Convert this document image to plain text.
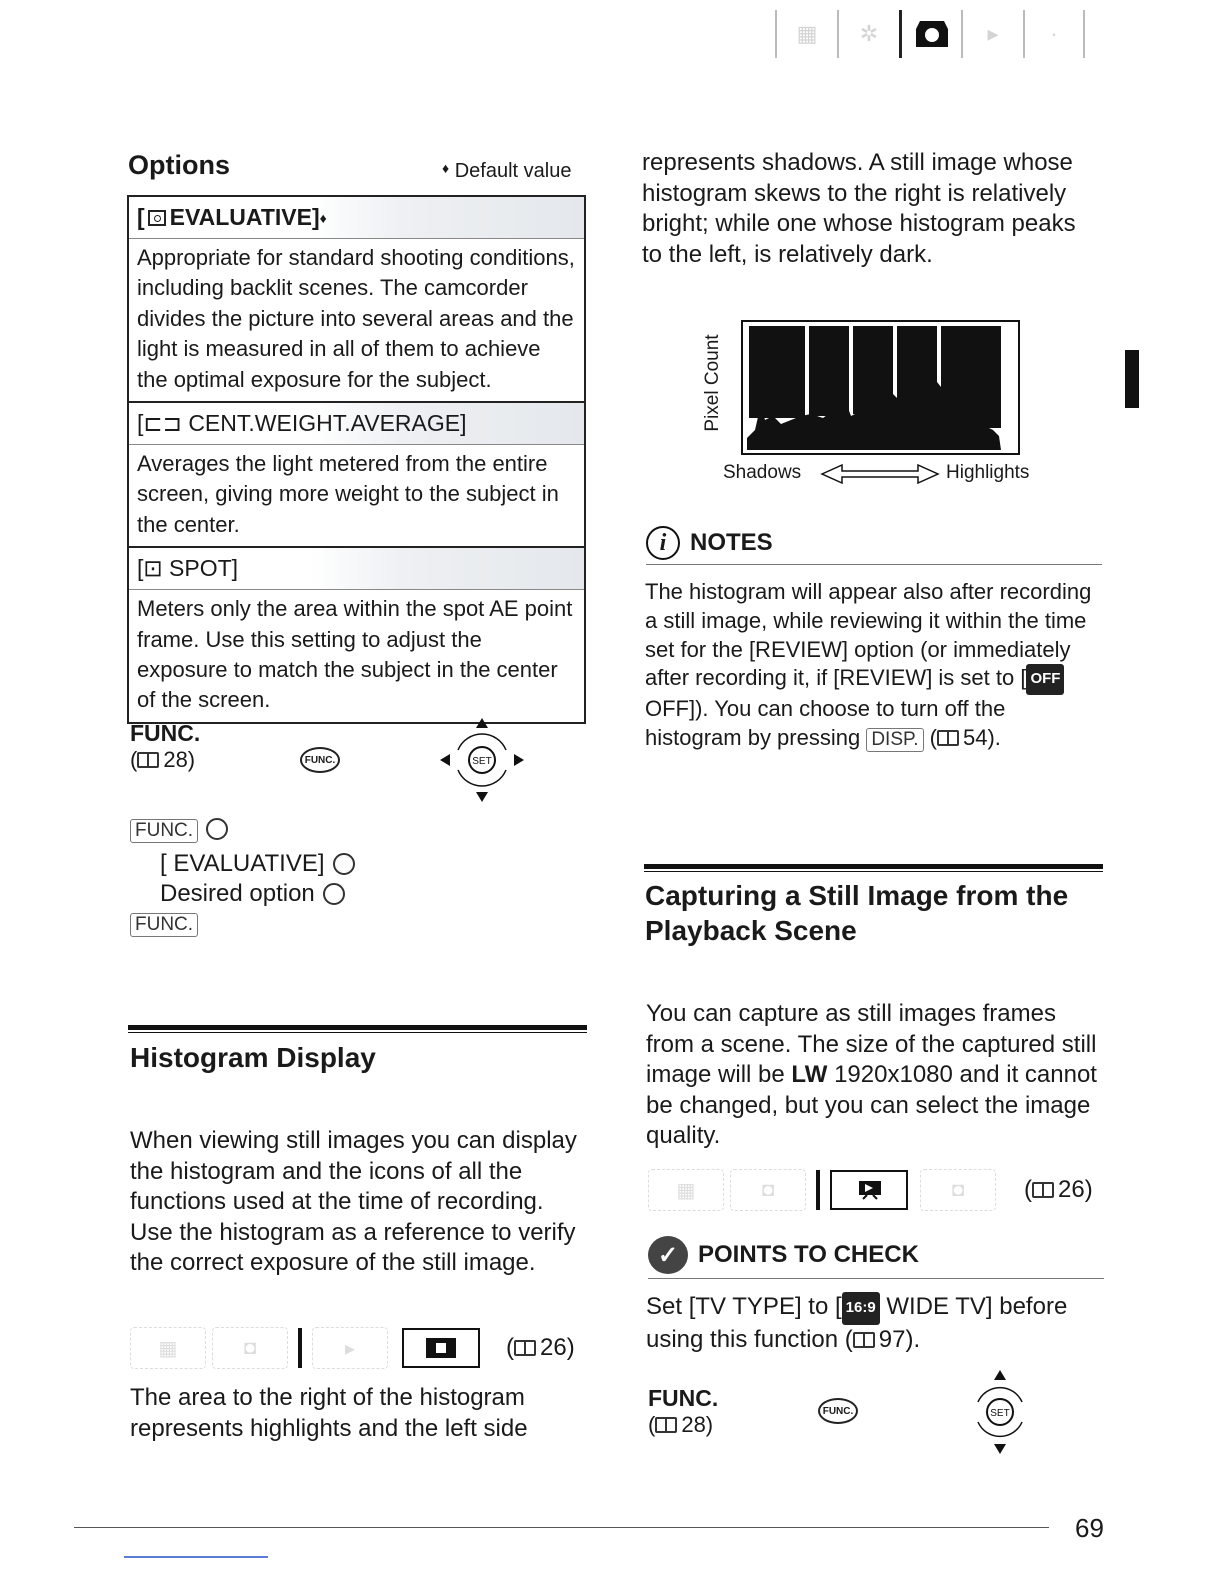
▦	✲	▸	·
Options	♦ Default value
[ EVALUATIVE] ♦
Appropriate for standard shooting conditions, including backlit scenes. The camcorder divides the picture into several areas and the light is measured in all of them to achieve the optimal exposure for the subject.
[⊏⊐ CENT.WEIGHT.AVERAGE]
Averages the light metered from the entire screen, giving more weight to the subject in the center.
[⊡ SPOT]
Meters only the area within the spot AE point frame. Use this setting to adjust the exposure to match the subject in the center of the screen.
FUNC.
( 28)	FUNC.	SET
FUNC.
[ EVALUATIVE]
Desired option
FUNC.
Histogram Display
When viewing still images you can display the histogram and the icons of all the functions used at the time of recording. Use the histogram as a reference to verify the correct exposure of the still image.
▦	◘	▸	( 26)
The area to the right of the histogram represents highlights and the left side
represents shadows. A still image whose histogram skews to the right is relatively bright; while one whose histogram peaks to the left, is relatively dark.
Pixel Count
Shadows	Highlights
i NOTES
The histogram will appear also after recording a still image, while reviewing it within the time set for the [REVIEW] option (or immediately after recording it, if [REVIEW] is set to [ OFF OFF]). You can choose to turn off the histogram by pressing DISP. ( 54).
Capturing a Still Image from the
Playback Scene
You can capture as still images frames from a scene. The size of the captured still image will be LW 1920x1080 and it cannot be changed, but you can select the image quality.
▦	◘	◘	( 26)
✓ POINTS TO CHECK
Set [TV TYPE] to [ 16:9 WIDE TV] before using this function ( 97).
FUNC.
( 28)
FUNC.	SET
69
